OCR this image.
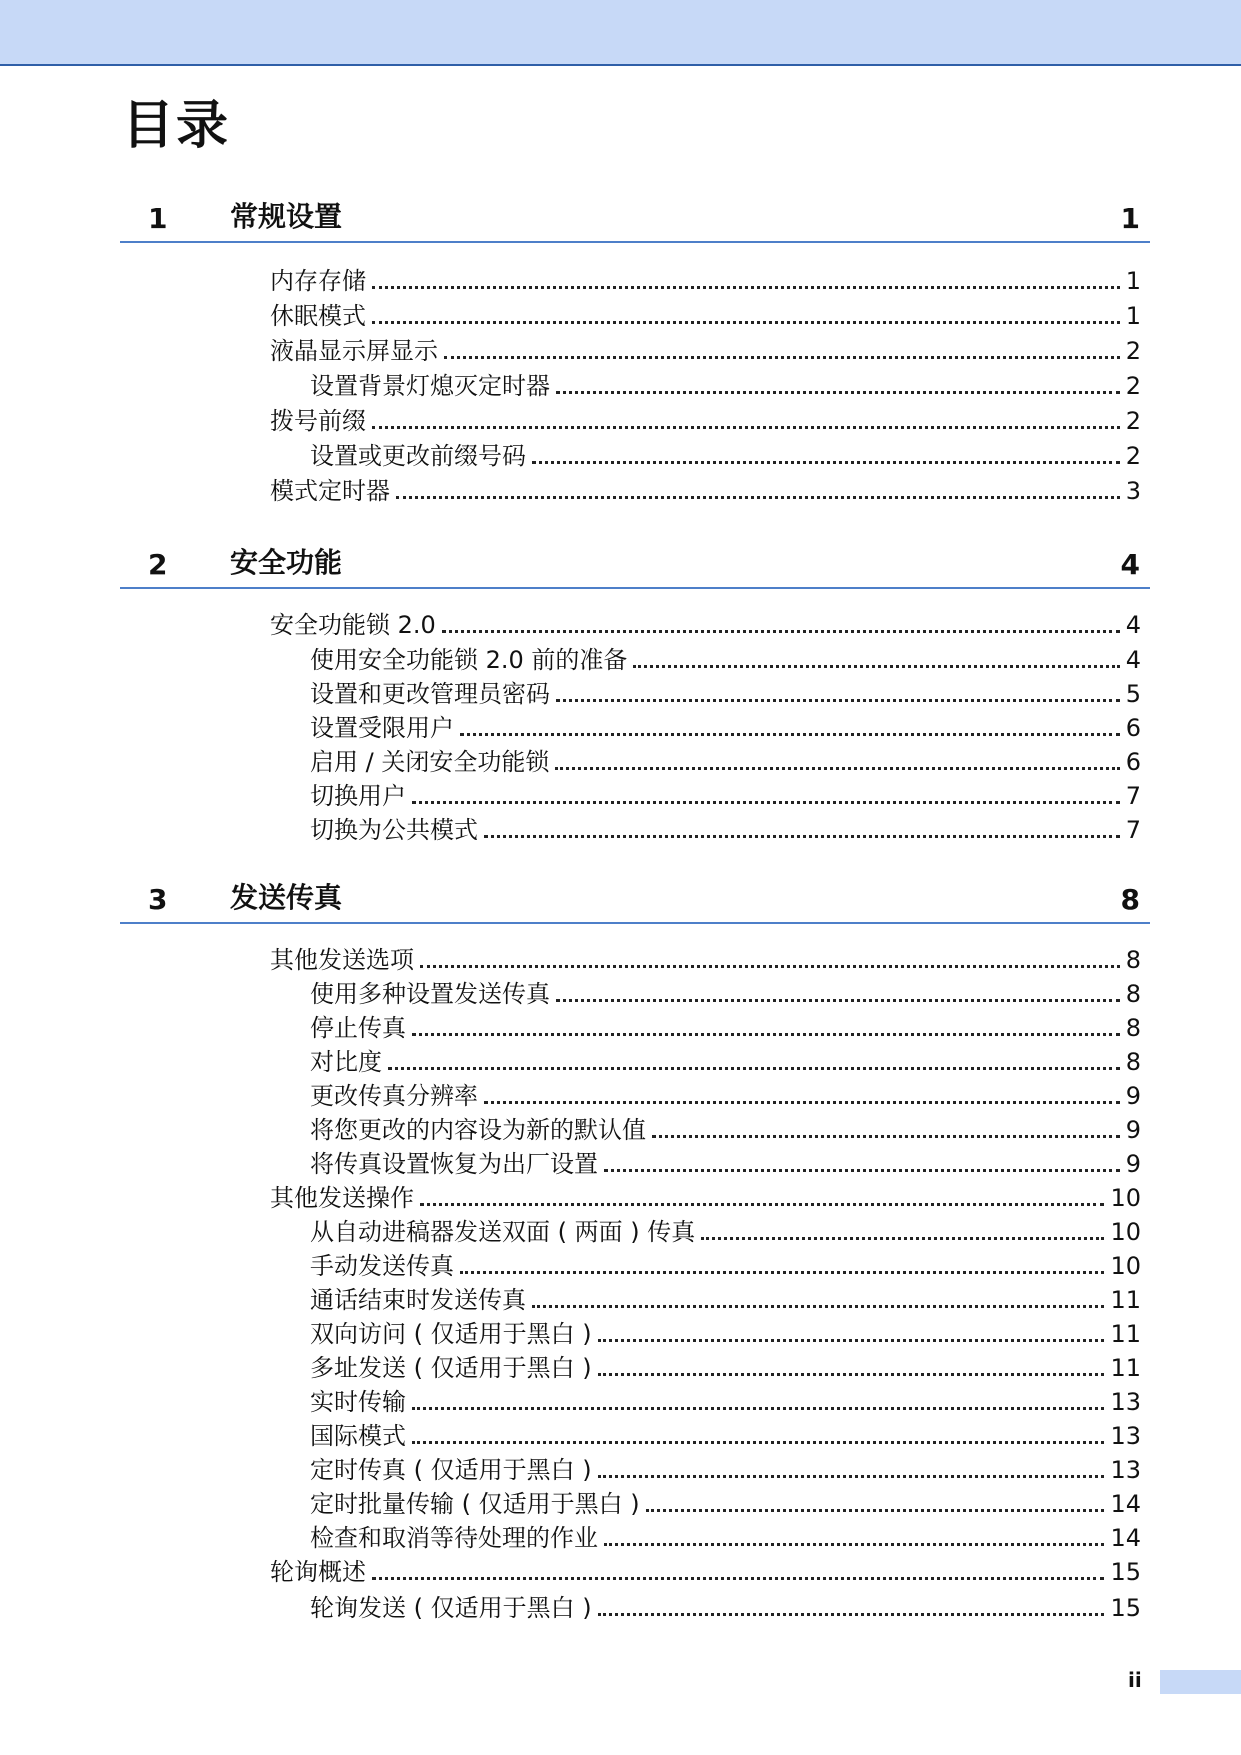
目录
1 常规设置	1
内存存储	1
休眠模式	1
液晶显示屏显示	2
设置背景灯熄灭定时器	2
拨号前缀	2
设置或更改前缀号码	2
模式定时器	3
2 安全功能	4
安全功能锁 2.0	4
使用安全功能锁 2.0 前的准备	4
设置和更改管理员密码	5
设置受限用户	6
启用 / 关闭安全功能锁	6
切换用户	7
切换为公共模式	7
3 发送传真	8
其他发送选项	8
使用多种设置发送传真	8
停止传真	8
对比度	8
更改传真分辨率	9
将您更改的内容设为新的默认值	9
将传真设置恢复为出厂设置	9
其他发送操作	10
从自动进稿器发送双面 ( 两面 ) 传真	10
手动发送传真	10
通话结束时发送传真	11
双向访问 ( 仅适用于黑白 )	11
多址发送 ( 仅适用于黑白 )	11
实时传输	13
国际模式	13
定时传真 ( 仅适用于黑白 )	13
定时批量传输 ( 仅适用于黑白 )	14
检查和取消等待处理的作业	14
轮询概述	15
轮询发送 ( 仅适用于黑白 )	15
ii
